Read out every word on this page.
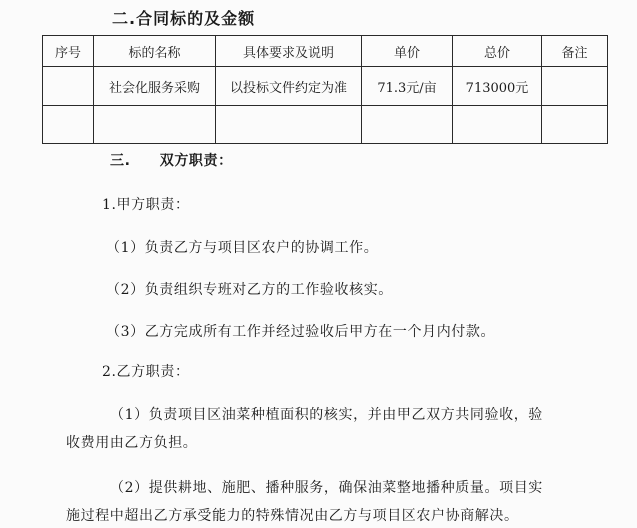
二.合同标的及金额
序号	标的名称	具体要求及说明	单价	总价	备注
	社会化服务采购	以投标文件约定为准	71.3元/亩	713000元	

三.　　双方职责：
1.甲方职责：
（1）负责乙方与项目区农户的协调工作。
（2）负责组织专班对乙方的工作验收核实。
（3）乙方完成所有工作并经过验收后甲方在一个月内付款。
2.乙方职责：
（1）负责项目区油菜种植面积的核实，并由甲乙双方共同验收，验
收费用由乙方负担。
（2）提供耕地、施肥、播种服务，确保油菜整地播种质量。项目实
施过程中超出乙方承受能力的特殊情况由乙方与项目区农户协商解决。
